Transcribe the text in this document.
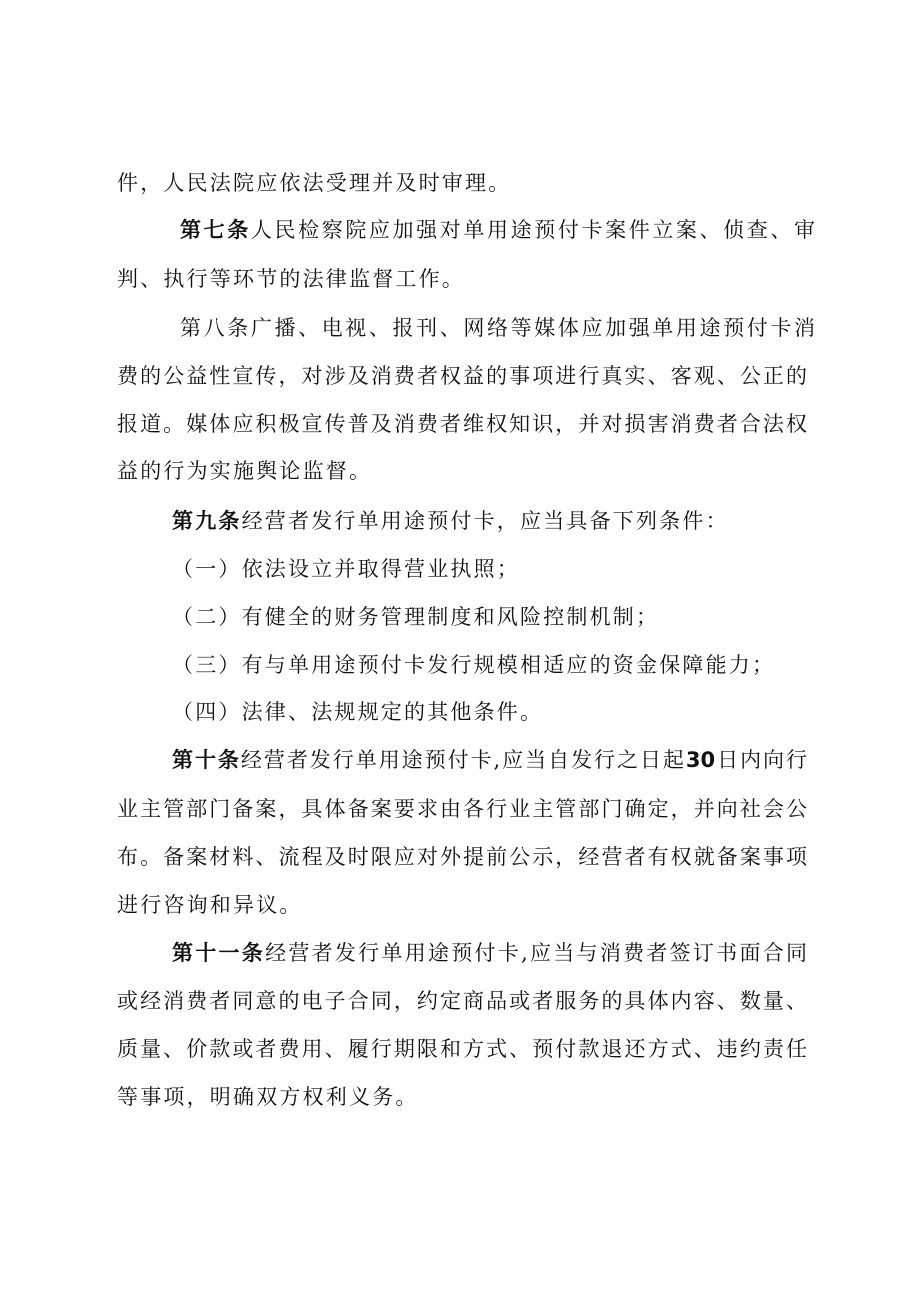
件，人民法院应依法受理并及时审理。
第七条人民检察院应加强对单用途预付卡案件立案、侦查、审
判、执行等环节的法律监督工作。
第八条广播、电视、报刊、网络等媒体应加强单用途预付卡消
费的公益性宣传，对涉及消费者权益的事项进行真实、客观、公正的
报道。媒体应积极宣传普及消费者维权知识，并对损害消费者合法权
益的行为实施舆论监督。
第九条经营者发行单用途预付卡，应当具备下列条件：
（一）依法设立并取得营业执照；
（二）有健全的财务管理制度和风险控制机制；
（三）有与单用途预付卡发行规模相适应的资金保障能力；
（四）法律、法规规定的其他条件。
第十条经营者发行单用途预付卡,应当自发行之日起30日内向行
业主管部门备案，具体备案要求由各行业主管部门确定，并向社会公
布。备案材料、流程及时限应对外提前公示，经营者有权就备案事项
进行咨询和异议。
第十一条经营者发行单用途预付卡,应当与消费者签订书面合同
或经消费者同意的电子合同，约定商品或者服务的具体内容、数量、
质量、价款或者费用、履行期限和方式、预付款退还方式、违约责任
等事项，明确双方权利义务。
